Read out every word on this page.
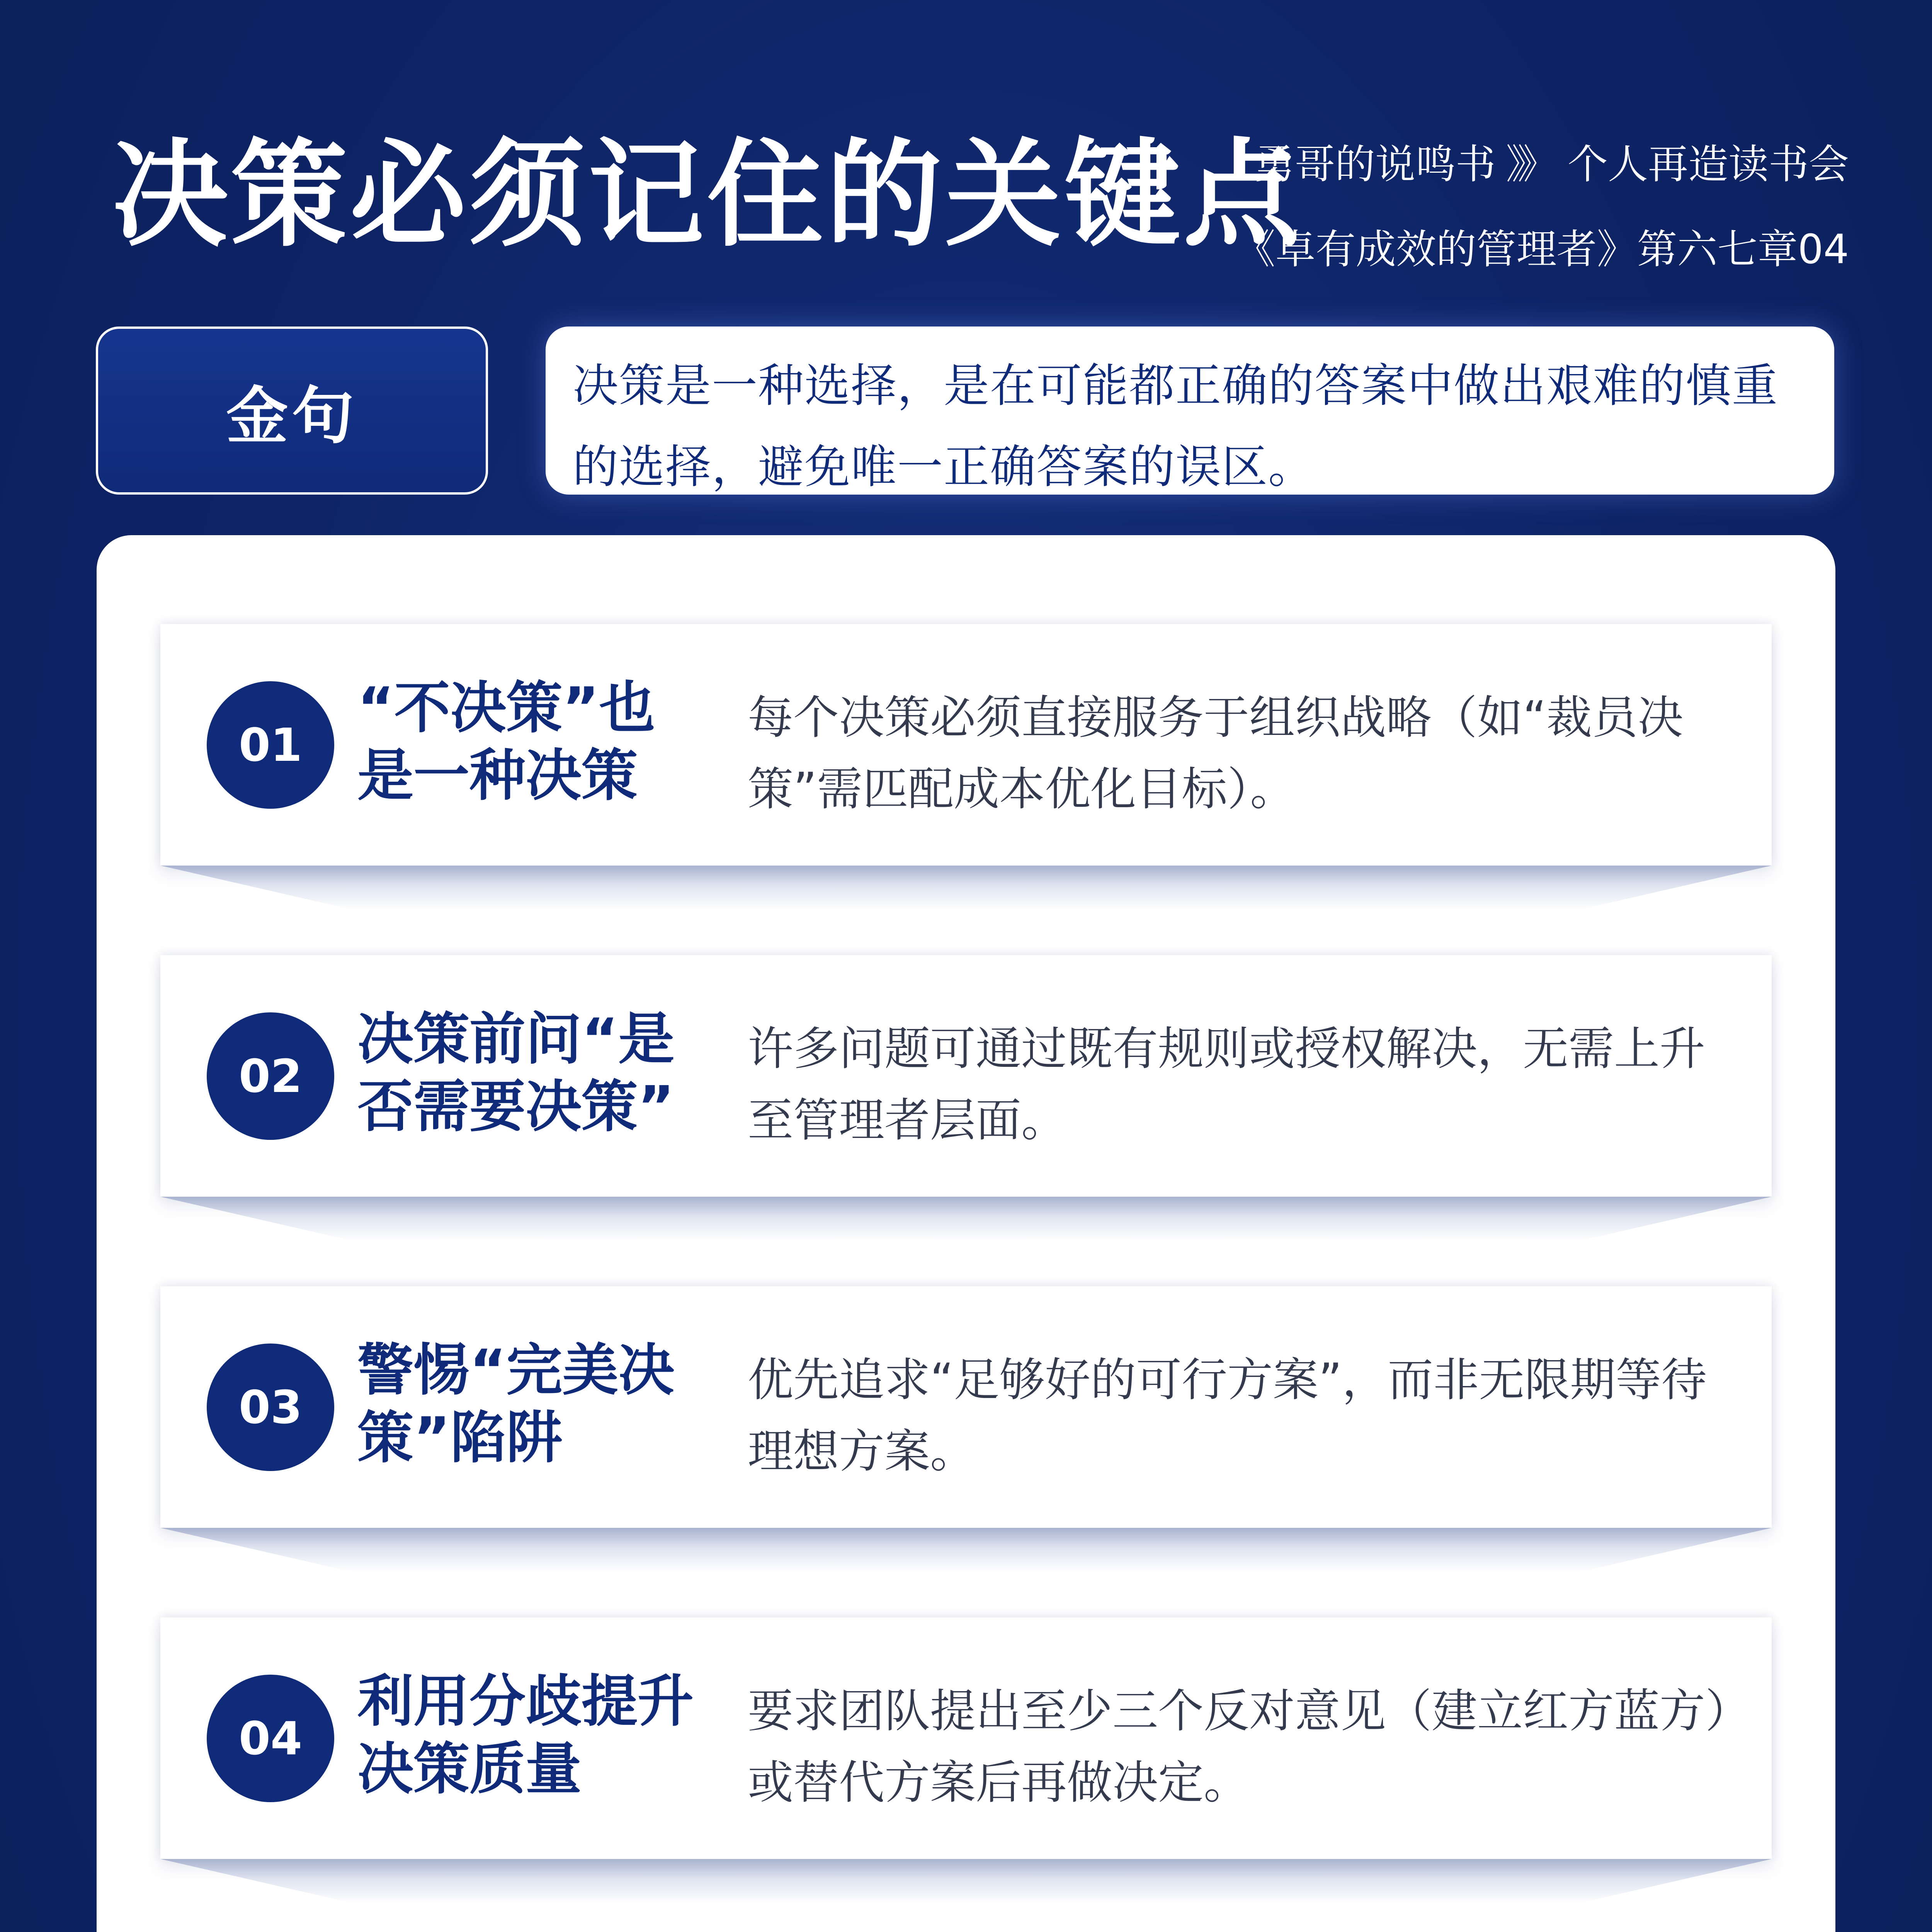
决策必须记住的关键点
勇哥的说鸣书 》》 个人再造读书会
《卓有成效的管理者》第六七章04
金句	决策是一种选择，是在可能都正确的答案中做出艰难的慎重的选择，避免唯一正确答案的误区。
01
“不决策”也是一种决策
每个决策必须直接服务于组织战略（如“裁员决策”需匹配成本优化目标）。
02
决策前问“是否需要决策”
许多问题可通过既有规则或授权解决，无需上升至管理者层面。
03
警惕“完美决策”陷阱
优先追求“足够好的可行方案”，而非无限期等待理想方案。
04
利用分歧提升决策质量
要求团队提出至少三个反对意见（建立红方蓝方）或替代方案后再做决定。
